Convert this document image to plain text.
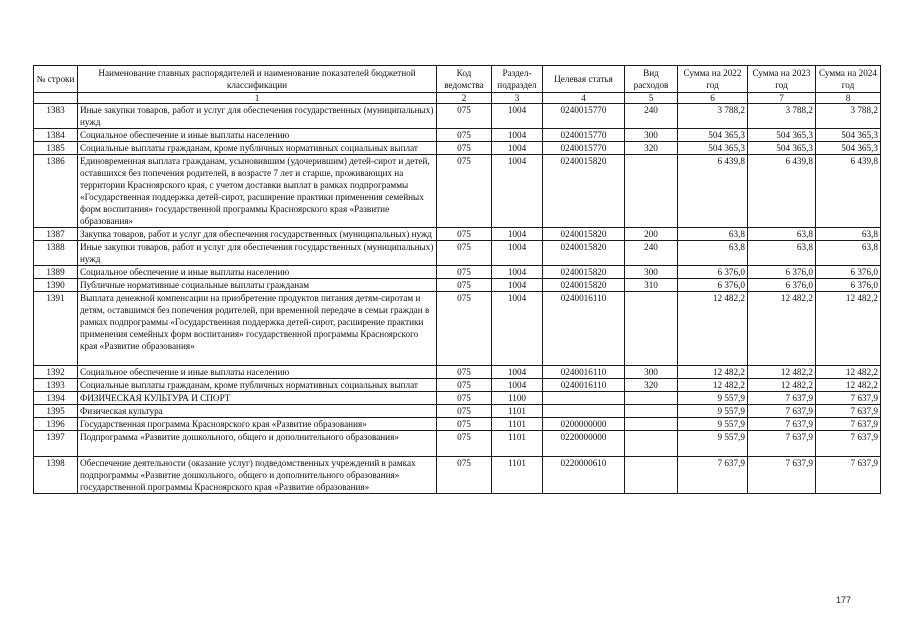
№ строки	Наименование главных распорядителей и наименование показателей бюджетной классификации	Код ведомства	Раздел-подраздел	Целевая статья	Вид расходов	Сумма на 2022 год	Сумма на 2023 год	Сумма на 2024 год
	1	2	3	4	5	6	7	8
1383	Иные закупки товаров, работ и услуг для обеспечения государственных (муниципальных) нужд	075	1004	0240015770	240	3 788,2	3 788,2	3 788,2
1384	Социальное обеспечение и иные выплаты населению	075	1004	0240015770	300	504 365,3	504 365,3	504 365,3
1385	Социальные выплаты гражданам, кроме публичных нормативных социальных выплат	075	1004	0240015770	320	504 365,3	504 365,3	504 365,3
1386	Единовременная выплата гражданам, усыновившим (удочерившим) детей-сирот и детей, оставшихся без попечения родителей, в возрасте 7 лет и старше, проживающих на территории Красноярского края, с учетом доставки выплат в рамках подпрограммы «Государственная поддержка детей-сирот, расширение практики применения семейных форм воспитания» государственной программы Красноярского края «Развитие образования»	075	1004	0240015820		6 439,8	6 439,8	6 439,8
1387	Закупка товаров, работ и услуг для обеспечения государственных (муниципальных) нужд	075	1004	0240015820	200	63,8	63,8	63,8
1388	Иные закупки товаров, работ и услуг для обеспечения государственных (муниципальных) нужд	075	1004	0240015820	240	63,8	63,8	63,8
1389	Социальное обеспечение и иные выплаты населению	075	1004	0240015820	300	6 376,0	6 376,0	6 376,0
1390	Публичные нормативные социальные выплаты гражданам	075	1004	0240015820	310	6 376,0	6 376,0	6 376,0
1391	Выплата денежной компенсации на приобретение продуктов питания детям-сиротам и детям, оставшимся без попечения родителей, при временной передаче в семьи граждан в рамках подпрограммы «Государственная поддержка детей-сирот, расширение практики применения семейных форм воспитания» государственной программы Красноярского края «Развитие образования»	075	1004	0240016110		12 482,2	12 482,2	12 482,2
1392	Социальное обеспечение и иные выплаты населению	075	1004	0240016110	300	12 482,2	12 482,2	12 482,2
1393	Социальные выплаты гражданам, кроме публичных нормативных социальных выплат	075	1004	0240016110	320	12 482,2	12 482,2	12 482,2
1394	ФИЗИЧЕСКАЯ КУЛЬТУРА И СПОРТ	075	1100			9 557,9	7 637,9	7 637,9
1395	Физическая культура	075	1101			9 557,9	7 637,9	7 637,9
1396	Государственная программа Красноярского края «Развитие образования»	075	1101	0200000000		9 557,9	7 637,9	7 637,9
1397	Подпрограмма «Развитие дошкольного, общего и дополнительного образования»	075	1101	0220000000		9 557,9	7 637,9	7 637,9
1398	Обеспечение деятельности (оказание услуг) подведомственных учреждений в рамках подпрограммы «Развитие дошкольного, общего и дополнительного образования» государственной программы Красноярского края «Развитие образования»	075	1101	0220000610		7 637,9	7 637,9	7 637,9
177
